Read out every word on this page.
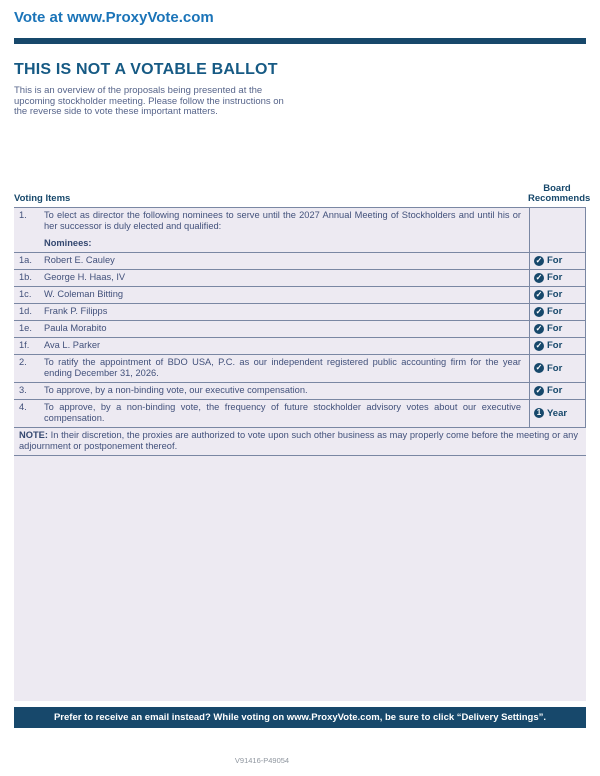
Vote at www.ProxyVote.com
THIS IS NOT A VOTABLE BALLOT
This is an overview of the proposals being presented at the
upcoming stockholder meeting. Please follow the instructions on
the reverse side to vote these important matters.
Voting Items
Board
Recommends
1.	To elect as director the following nominees to serve until the 2027 Annual Meeting of Stockholders and until his or her successor is duly elected and qualified:
Nominees:
1a.	Robert E. Cauley	✓ For
1b.	George H. Haas, IV	✓ For
1c.	W. Coleman Bitting	✓ For
1d.	Frank P. Filipps	✓ For
1e.	Paula Morabito	✓ For
1f.	Ava L. Parker	✓ For
2.	To ratify the appointment of BDO USA, P.C. as our independent registered public accounting firm for the year ending December 31, 2026.	✓ For
3.	To approve, by a non-binding vote, our executive compensation.	✓ For
4.	To approve, by a non-binding vote, the frequency of future stockholder advisory votes about our executive compensation.	1 Year
NOTE: In their discretion, the proxies are authorized to vote upon such other business as may properly come before the meeting or any adjournment or postponement thereof.
Prefer to receive an email instead? While voting on www.ProxyVote.com, be sure to click “Delivery Settings”.
V91416-P49054
